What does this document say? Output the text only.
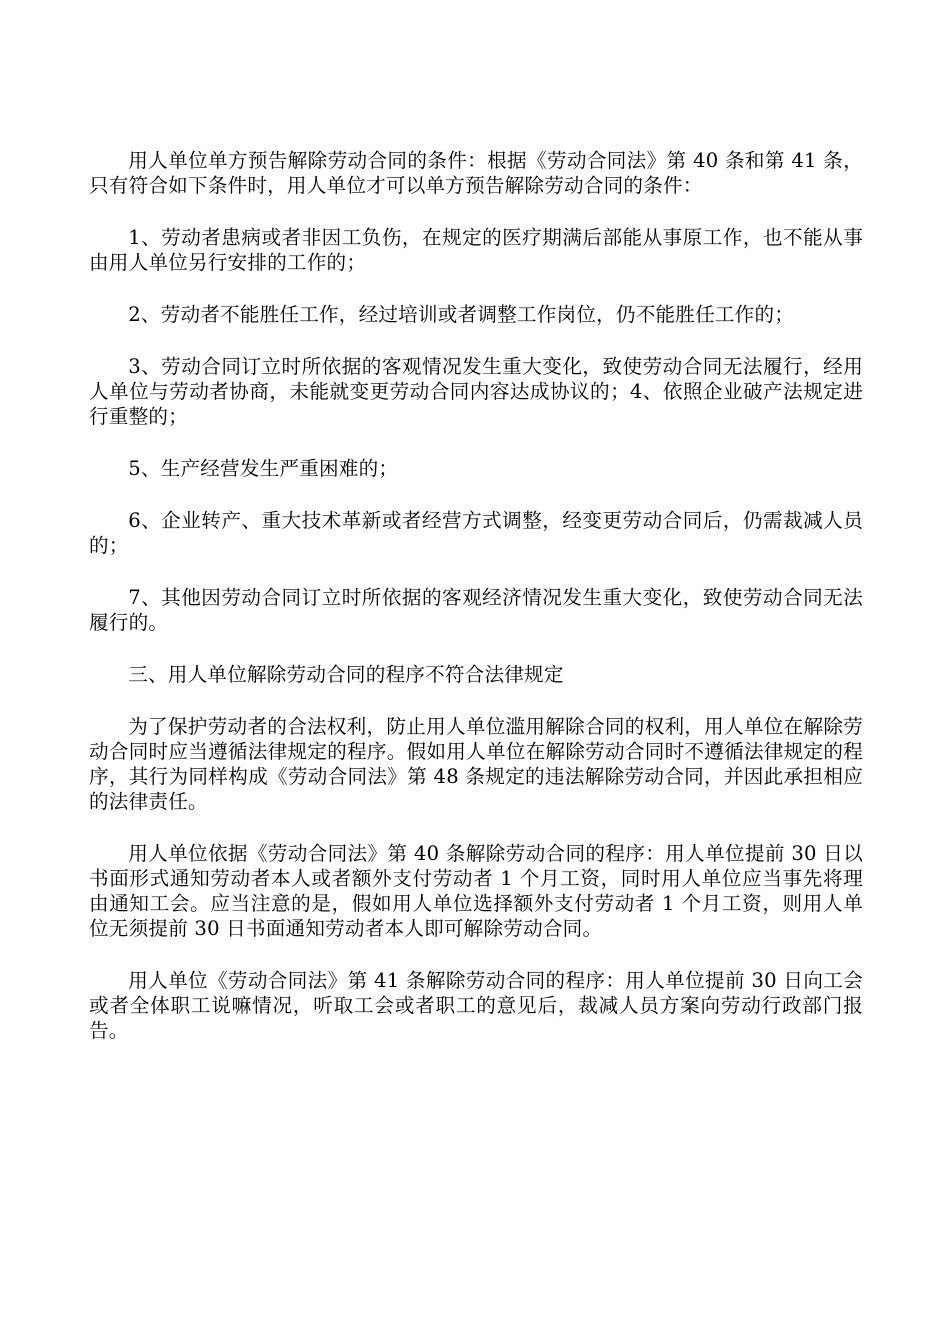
用人单位单方预告解除劳动合同的条件：根据《劳动合同法》第 40 条和第 41 条，只有符合如下条件时，用人单位才可以单方预告解除劳动合同的条件：

1、劳动者患病或者非因工负伤，在规定的医疗期满后部能从事原工作，也不能从事由用人单位另行安排的工作的；

2、劳动者不能胜任工作，经过培训或者调整工作岗位，仍不能胜任工作的；

3、劳动合同订立时所依据的客观情况发生重大变化，致使劳动合同无法履行，经用人单位与劳动者协商，未能就变更劳动合同内容达成协议的；4、依照企业破产法规定进行重整的；

5、生产经营发生严重困难的；

6、企业转产、重大技术革新或者经营方式调整，经变更劳动合同后，仍需裁减人员的；

7、其他因劳动合同订立时所依据的客观经济情况发生重大变化，致使劳动合同无法履行的。

三、用人单位解除劳动合同的程序不符合法律规定

为了保护劳动者的合法权利，防止用人单位滥用解除合同的权利，用人单位在解除劳动合同时应当遵循法律规定的程序。假如用人单位在解除劳动合同时不遵循法律规定的程序，其行为同样构成《劳动合同法》第 48 条规定的违法解除劳动合同，并因此承担相应的法律责任。

用人单位依据《劳动合同法》第 40 条解除劳动合同的程序：用人单位提前 30 日以书面形式通知劳动者本人或者额外支付劳动者 1 个月工资，同时用人单位应当事先将理由通知工会。应当注意的是，假如用人单位选择额外支付劳动者 1 个月工资，则用人单位无须提前 30 日书面通知劳动者本人即可解除劳动合同。

用人单位《劳动合同法》第 41 条解除劳动合同的程序：用人单位提前 30 日向工会或者全体职工说嘛情况，听取工会或者职工的意见后，裁减人员方案向劳动行政部门报告。
